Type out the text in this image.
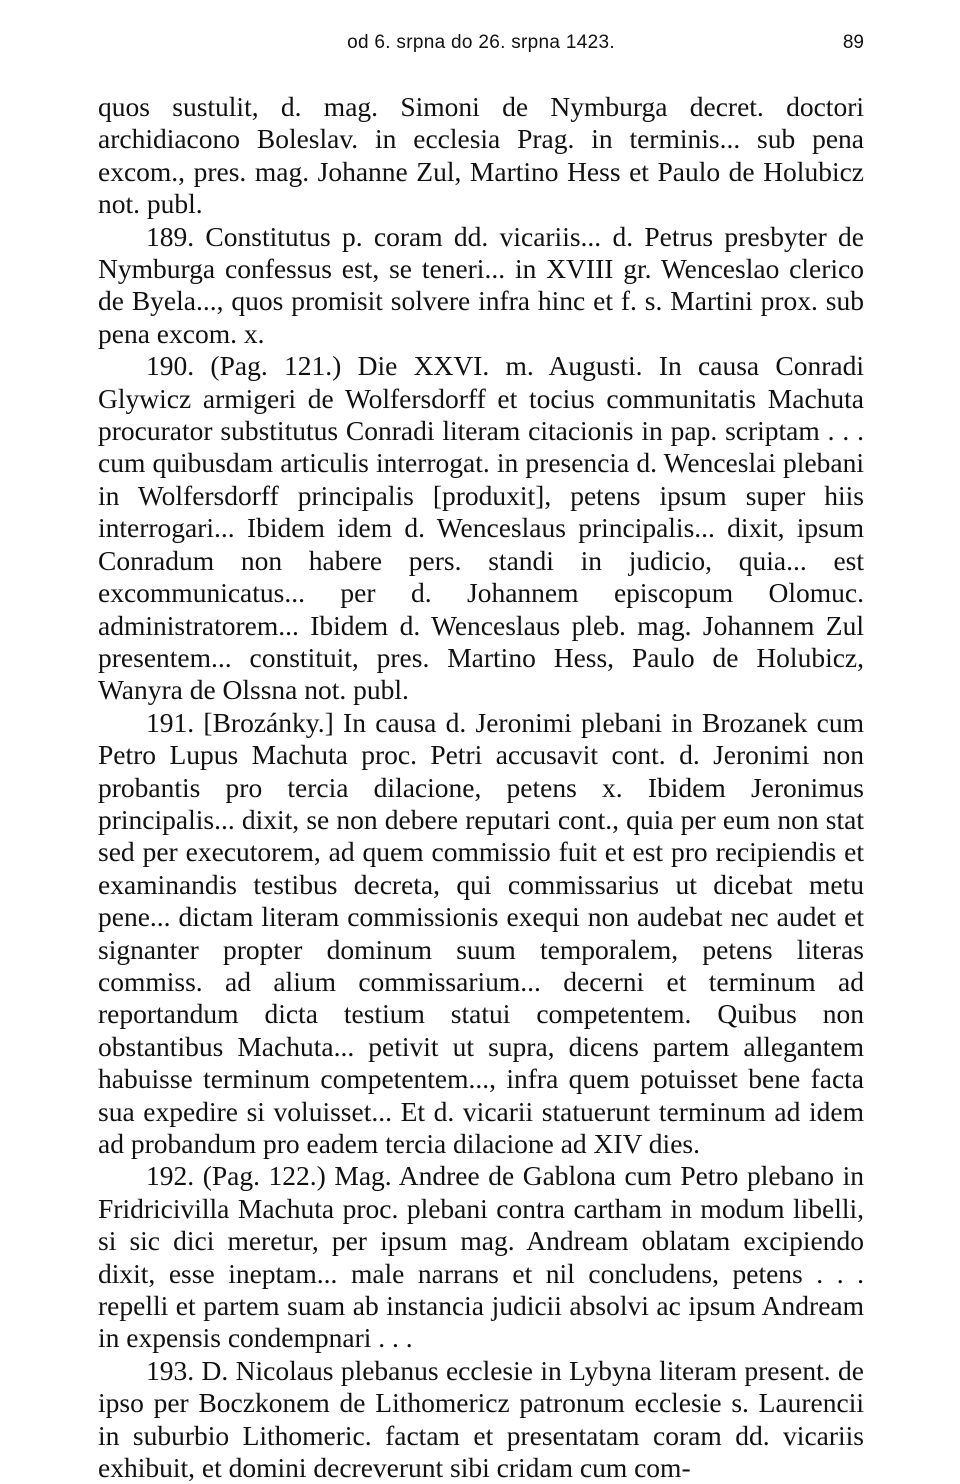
od 6. srpna do 26. srpna 1423.	89

quos sustulit, d. mag. Simoni de Nymburga decret. doctori archidiacono Boleslav. in ecclesia Prag. in terminis... sub pena excom., pres. mag. Johanne Zul, Martino Hess et Paulo de Holubicz not. publ.

189. Constitutus p. coram dd. vicariis... d. Petrus presbyter de Nymburga confessus est, se teneri... in XVIII gr. Wenceslao clerico de Byela..., quos promisit solvere infra hinc et f. s. Martini prox. sub pena excom. x.

190. (Pag. 121.) Die XXVI. m. Augusti. In causa Conradi Glywicz armigeri de Wolfersdorff et tocius communitatis Machuta procurator substitutus Conradi literam citacionis in pap. scriptam . . . cum quibusdam articulis interrogat. in presencia d. Wenceslai plebani in Wolfersdorff principalis [produxit], petens ipsum super hiis interrogari... Ibidem idem d. Wenceslaus principalis... dixit, ipsum Conradum non habere pers. standi in judicio, quia... est excommunicatus... per d. Johannem episcopum Olomuc. administratorem... Ibidem d. Wenceslaus pleb. mag. Johannem Zul presentem... constituit, pres. Martino Hess, Paulo de Holubicz, Wanyra de Olssna not. publ.

191. [Brozánky.] In causa d. Jeronimi plebani in Brozanek cum Petro Lupus Machuta proc. Petri accusavit cont. d. Jeronimi non probantis pro tercia dilacione, petens x. Ibidem Jeronimus principalis... dixit, se non debere reputari cont., quia per eum non stat sed per executorem, ad quem commissio fuit et est pro recipiendis et examinandis testibus decreta, qui commissarius ut dicebat metu pene... dictam literam commissionis exequi non audebat nec audet et signanter propter dominum suum temporalem, petens literas commiss. ad alium commissarium... decerni et terminum ad reportandum dicta testium statui competentem. Quibus non obstantibus Machuta... petivit ut supra, dicens partem allegantem habuisse terminum competentem..., infra quem potuisset bene facta sua expedire si voluisset... Et d. vicarii statuerunt terminum ad idem ad probandum pro eadem tercia dilacione ad XIV dies.

192. (Pag. 122.) Mag. Andree de Gablona cum Petro plebano in Fridricivilla Machuta proc. plebani contra cartham in modum libelli, si sic dici meretur, per ipsum mag. Andream oblatam excipiendo dixit, esse ineptam... male narrans et nil concludens, petens . . . repelli et partem suam ab instancia judicii absolvi ac ipsum Andream in expensis condempnari . . .

193. D. Nicolaus plebanus ecclesie in Lybyna literam present. de ipso per Boczkonem de Lithomericz patronum ecclesie s. Laurencii in suburbio Lithomeric. factam et presentatam coram dd. vicariis exhibuit, et domini decreverunt sibi cridam cum com-
